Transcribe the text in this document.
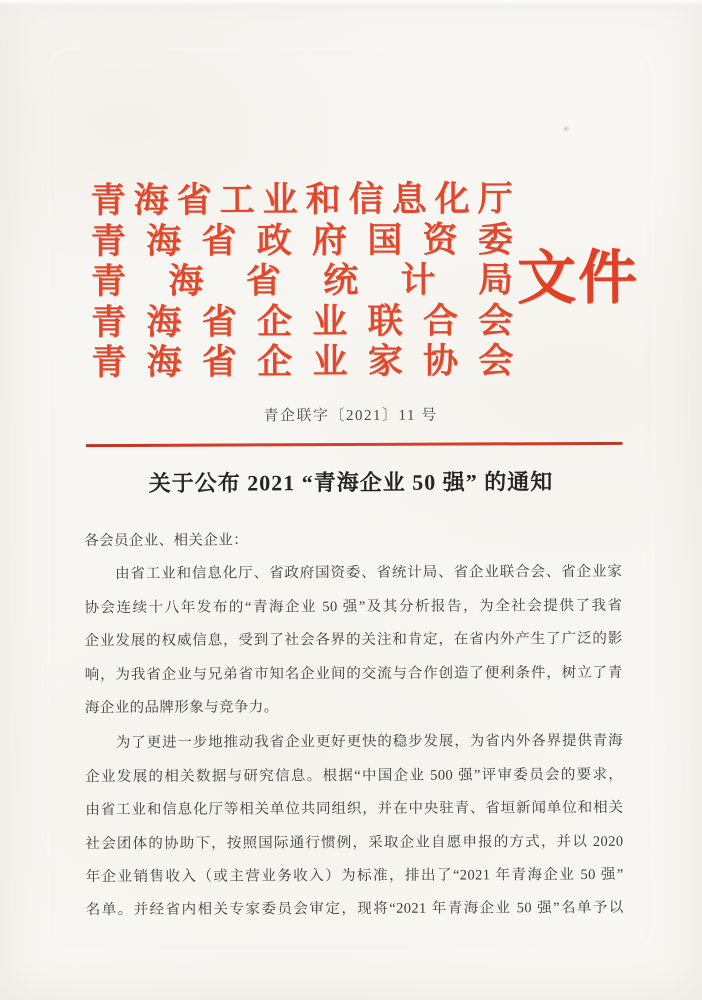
青海省工业和信息化厅
青海省政府国资委
青海省统计局
青海省企业联合会
青海省企业家协会
文件
青企联字〔2021〕11 号
关于公布 2021 “青海企业 50 强” 的通知
各会员企业、相关企业：
　　由省工业和信息化厅、省政府国资委、省统计局、省企业联合会、省企业家
协会连续十八年发布的“青海企业 50 强”及其分析报告，为全社会提供了我省
企业发展的权威信息，受到了社会各界的关注和肯定，在省内外产生了广泛的影
响，为我省企业与兄弟省市知名企业间的交流与合作创造了便利条件，树立了青
海企业的品牌形象与竞争力。
　　为了更进一步地推动我省企业更好更快的稳步发展，为省内外各界提供青海
企业发展的相关数据与研究信息。根据“中国企业 500 强”评审委员会的要求，
由省工业和信息化厅等相关单位共同组织，并在中央驻青、省垣新闻单位和相关
社会团体的协助下，按照国际通行惯例，采取企业自愿申报的方式，并以 2020
年企业销售收入（或主营业务收入）为标准，排出了“2021 年青海企业 50 强”
名单。并经省内相关专家委员会审定，现将“2021 年青海企业 50 强”名单予以
✳
